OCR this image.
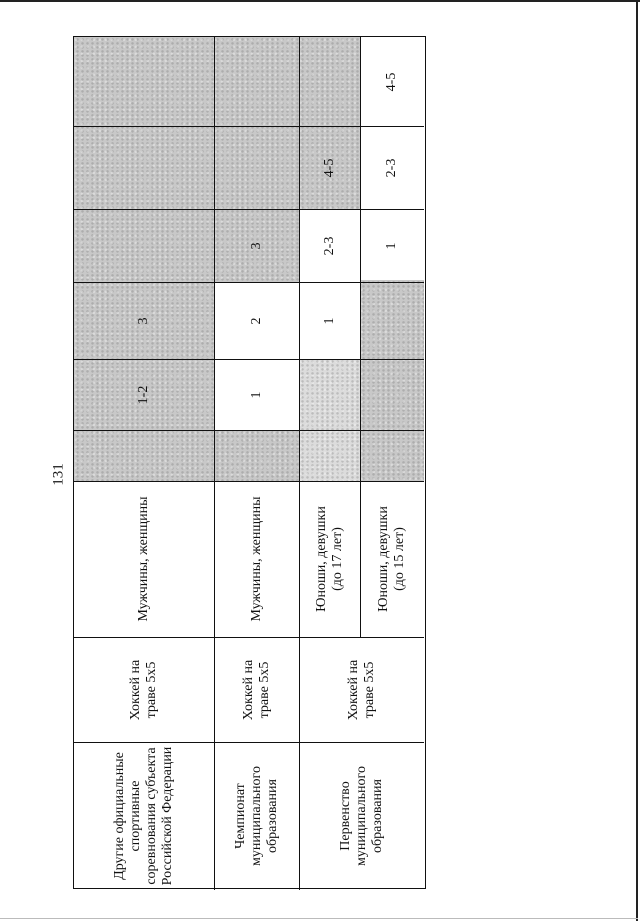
131
Другие официальные спортивные соревнования субъекта Российской Федерации
Хоккей на траве 5х5
Мужчины, женщины
1-2
3
Чемпионат муниципального образования
Хоккей на траве 5х5
Мужчины, женщины
1
2
3
Первенство муниципального образования
Хоккей на траве 5х5
Юноши, девушки (до 17 лет) Юноши, девушки (до 15 лет)
1
2-3
4-5
1
2-3
4-5
